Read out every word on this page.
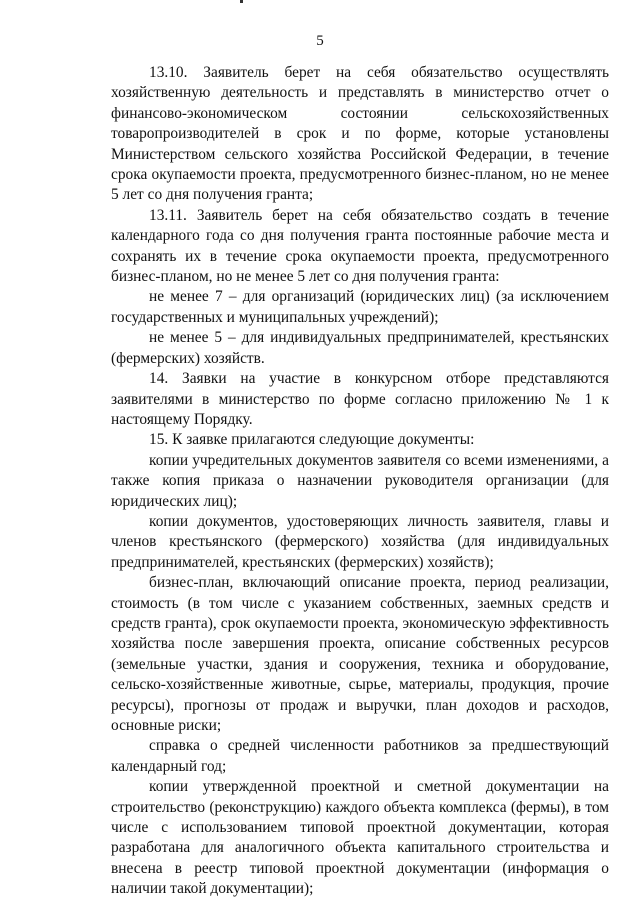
5

13.10. Заявитель берет на себя обязательство осуществлять хозяйственную деятельность и представлять в министерство отчет о финансово-экономическом состоянии сельскохозяйственных товаропроизводителей в срок и по форме, которые установлены Министерством сельского хозяйства Российской Федерации, в течение срока окупаемости проекта, предусмотренного бизнес-планом, но не менее 5 лет со дня получения гранта;

13.11. Заявитель берет на себя обязательство создать в течение календарного года со дня получения гранта постоянные рабочие места и сохранять их в течение срока окупаемости проекта, предусмотренного бизнес-планом, но не менее 5 лет со дня получения гранта:

не менее 7 – для организаций (юридических лиц) (за исключением государственных и муниципальных учреждений);

не менее 5 – для индивидуальных предпринимателей, крестьянских (фермерских) хозяйств.

14. Заявки на участие в конкурсном отборе представляются заявителями в министерство по форме согласно приложению № 1 к настоящему Порядку.

15. К заявке прилагаются следующие документы:

копии учредительных документов заявителя со всеми изменениями, а также копия приказа о назначении руководителя организации (для юридических лиц);

копии документов, удостоверяющих личность заявителя, главы и членов крестьянского (фермерского) хозяйства (для индивидуальных предпринимателей, крестьянских (фермерских) хозяйств);

бизнес-план, включающий описание проекта, период реализации, стоимость (в том числе с указанием собственных, заемных средств и средств гранта), срок окупаемости проекта, экономическую эффективность хозяйства после завершения проекта, описание собственных ресурсов (земельные участки, здания и сооружения, техника и оборудование, сельско-хозяйственные животные, сырье, материалы, продукция, прочие ресурсы), прогнозы от продаж и выручки, план доходов и расходов, основные риски;

справка о средней численности работников за предшествующий календарный год;

копии утвержденной проектной и сметной документации на строительство (реконструкцию) каждого объекта комплекса (фермы), в том числе с использованием типовой проектной документации, которая разработана для аналогичного объекта капитального строительства и внесена в реестр типовой проектной документации (информация о наличии такой документации);
